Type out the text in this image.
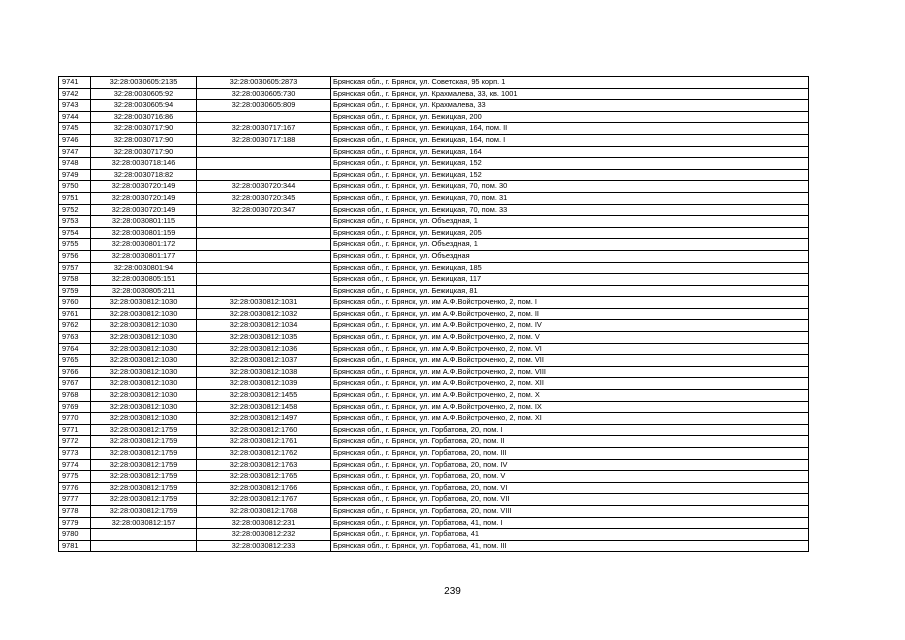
9741	32:28:0030605:2135	32:28:0030605:2873	Брянская обл., г. Брянск, ул. Советская, 95 корп. 1
9742	32:28:0030605:92	32:28:0030605:730	Брянская обл., г. Брянск, ул. Крахмалева, 33, кв. 1001
9743	32:28:0030605:94	32:28:0030605:809	Брянская обл., г. Брянск, ул. Крахмалева, 33
9744	32:28:0030716:86		Брянская обл., г. Брянск, ул. Бежицкая, 200
9745	32:28:0030717:90	32:28:0030717:167	Брянская обл., г. Брянск, ул. Бежицкая, 164, пом. II
9746	32:28:0030717:90	32:28:0030717:188	Брянская обл., г. Брянск, ул. Бежицкая, 164, пом. I
9747	32:28:0030717:90		Брянская обл., г. Брянск, ул. Бежицкая, 164
9748	32:28:0030718:146		Брянская обл., г. Брянск, ул. Бежицкая, 152
9749	32:28:0030718:82		Брянская обл., г. Брянск, ул. Бежицкая, 152
9750	32:28:0030720:149	32:28:0030720:344	Брянская обл., г. Брянск, ул. Бежицкая, 70, пом. 30
9751	32:28:0030720:149	32:28:0030720:345	Брянская обл., г. Брянск, ул. Бежицкая, 70, пом. 31
9752	32:28:0030720:149	32:28:0030720:347	Брянская обл., г. Брянск, ул. Бежицкая, 70, пом. 33
9753	32:28:0030801:115		Брянская обл., г. Брянск, ул. Объездная, 1
9754	32:28:0030801:159		Брянская обл., г. Брянск, ул. Бежицкая, 205
9755	32:28:0030801:172		Брянская обл., г. Брянск, ул. Объездная, 1
9756	32:28:0030801:177		Брянская обл., г. Брянск, ул. Объездная
9757	32:28:0030801:94		Брянская обл., г. Брянск, ул. Бежицкая, 185
9758	32:28:0030805:151		Брянская обл., г. Брянск, ул. Бежицкая, 117
9759	32:28:0030805:211		Брянская обл., г. Брянск, ул. Бежицкая, 81
9760	32:28:0030812:1030	32:28:0030812:1031	Брянская обл., г. Брянск, ул. им А.Ф.Войстроченко, 2, пом. I
9761	32:28:0030812:1030	32:28:0030812:1032	Брянская обл., г. Брянск, ул. им А.Ф.Войстроченко, 2, пом. II
9762	32:28:0030812:1030	32:28:0030812:1034	Брянская обл., г. Брянск, ул. им А.Ф.Войстроченко, 2, пом. IV
9763	32:28:0030812:1030	32:28:0030812:1035	Брянская обл., г. Брянск, ул. им А.Ф.Войстроченко, 2, пом. V
9764	32:28:0030812:1030	32:28:0030812:1036	Брянская обл., г. Брянск, ул. им А.Ф.Войстроченко, 2, пом. VI
9765	32:28:0030812:1030	32:28:0030812:1037	Брянская обл., г. Брянск, ул. им А.Ф.Войстроченко, 2, пом. VII
9766	32:28:0030812:1030	32:28:0030812:1038	Брянская обл., г. Брянск, ул. им А.Ф.Войстроченко, 2, пом. VIII
9767	32:28:0030812:1030	32:28:0030812:1039	Брянская обл., г. Брянск, ул. им А.Ф.Войстроченко, 2, пом. XII
9768	32:28:0030812:1030	32:28:0030812:1455	Брянская обл., г. Брянск, ул. им А.Ф.Войстроченко, 2, пом. X
9769	32:28:0030812:1030	32:28:0030812:1458	Брянская обл., г. Брянск, ул. им А.Ф.Войстроченко, 2, пом. IX
9770	32:28:0030812:1030	32:28:0030812:1497	Брянская обл., г. Брянск, ул. им А.Ф.Войстроченко, 2, пом. XI
9771	32:28:0030812:1759	32:28:0030812:1760	Брянская обл., г. Брянск, ул. Горбатова, 20, пом. I
9772	32:28:0030812:1759	32:28:0030812:1761	Брянская обл., г. Брянск, ул. Горбатова, 20, пом. II
9773	32:28:0030812:1759	32:28:0030812:1762	Брянская обл., г. Брянск, ул. Горбатова, 20, пом. III
9774	32:28:0030812:1759	32:28:0030812:1763	Брянская обл., г. Брянск, ул. Горбатова, 20, пом. IV
9775	32:28:0030812:1759	32:28:0030812:1765	Брянская обл., г. Брянск, ул. Горбатова, 20, пом. V
9776	32:28:0030812:1759	32:28:0030812:1766	Брянская обл., г. Брянск, ул. Горбатова, 20, пом. VI
9777	32:28:0030812:1759	32:28:0030812:1767	Брянская обл., г. Брянск, ул. Горбатова, 20, пом. VII
9778	32:28:0030812:1759	32:28:0030812:1768	Брянская обл., г. Брянск, ул. Горбатова, 20, пом. VIII
9779	32:28:0030812:157	32:28:0030812:231	Брянская обл., г. Брянск, ул. Горбатова, 41, пом. I
9780		32:28:0030812:232	Брянская обл., г. Брянск, ул. Горбатова, 41
9781		32:28:0030812:233	Брянская обл., г. Брянск, ул. Горбатова, 41, пом. III
239
